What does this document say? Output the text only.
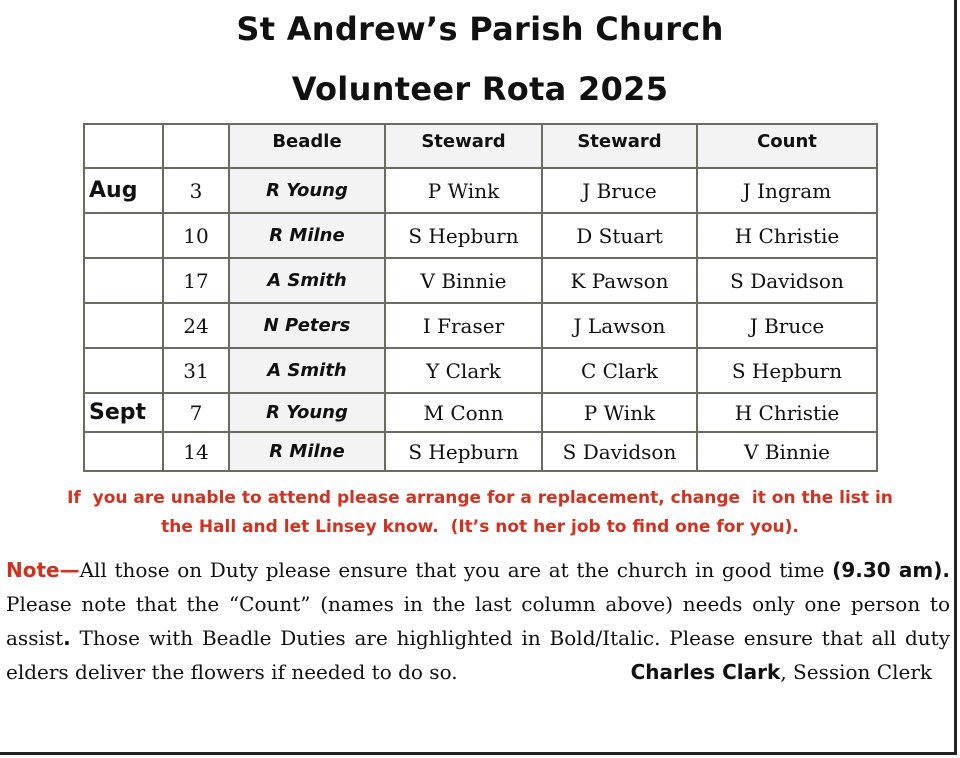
St Andrew’s Parish Church
Volunteer Rota 2025
		Beadle	Steward	Steward	Count
Aug	3	R Young	P Wink	J Bruce	J Ingram
	10	R Milne	S Hepburn	D Stuart	H Christie
	17	A Smith	V Binnie	K Pawson	S Davidson
	24	N Peters	I Fraser	J Lawson	J Bruce
	31	A Smith	Y Clark	C Clark	S Hepburn
Sept	7	R Young	M Conn	P Wink	H Christie
	14	R Milne	S Hepburn	S Davidson	V Binnie
If  you are unable to attend please arrange for a replacement, change  it on the list in
the Hall and let Linsey know.  (It’s not her job to find one for you).
Note—All those on Duty please ensure that you are at the church in good time (9.30 am). Please note that the “Count” (names in the last column above) needs only one person to assist. Those with Beadle Duties are highlighted in Bold/Italic. Please ensure that all duty elders deliver the flowers if needed to do so.	Charles Clark, Session Clerk
